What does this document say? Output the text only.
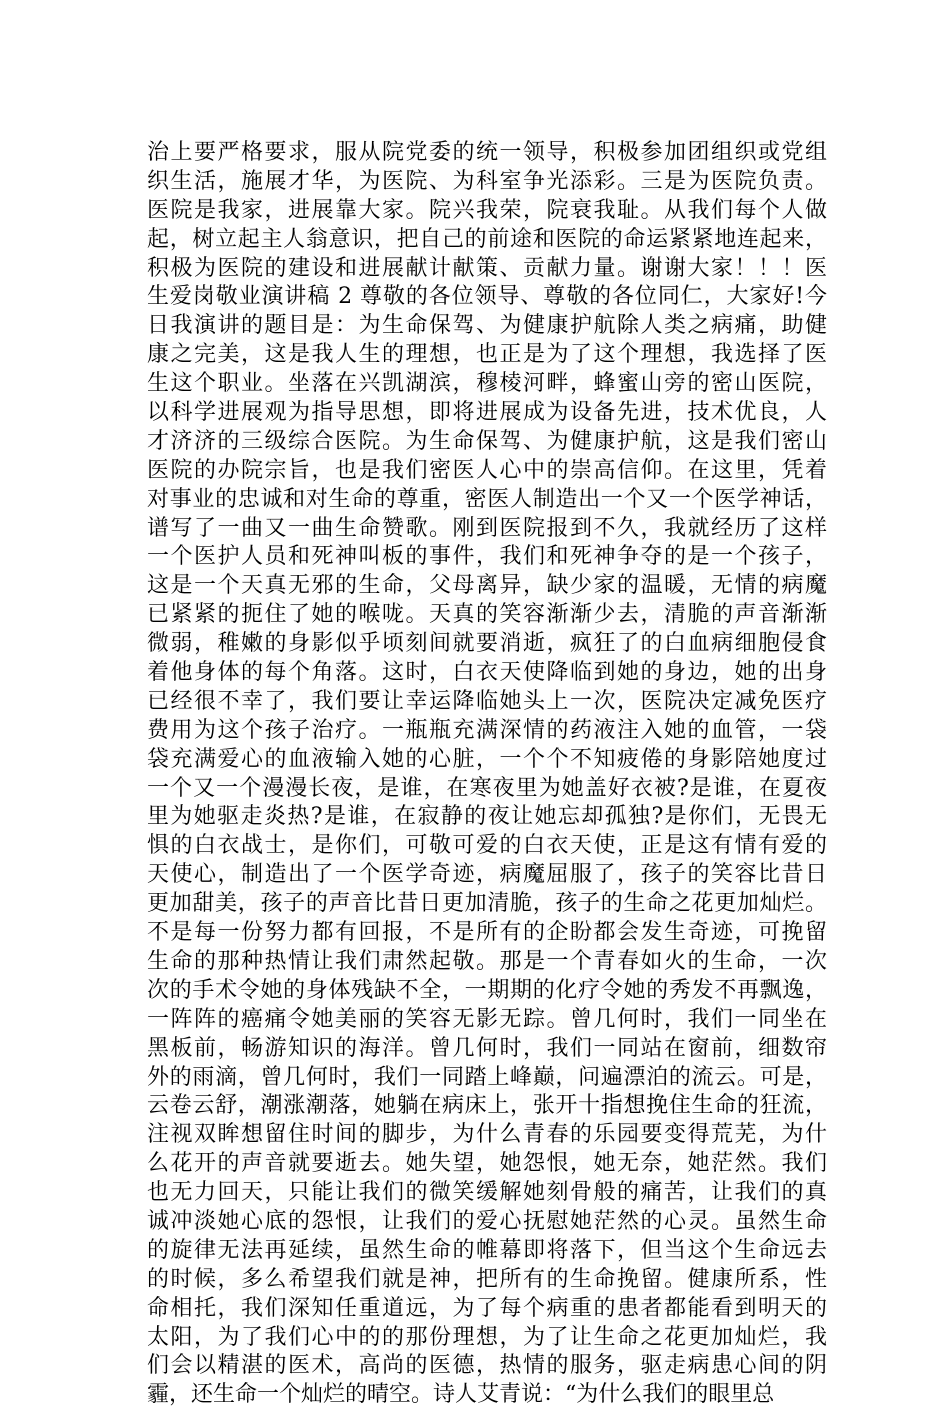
治上要严格要求，服从院党委的统一领导，积极参加团组织或党组
织生活，施展才华，为医院、为科室争光添彩。三是为医院负责。
医院是我家，进展靠大家。院兴我荣，院衰我耻。从我们每个人做
起，树立起主人翁意识，把自己的前途和医院的命运紧紧地连起来，
积极为医院的建设和进展献计献策、贡献力量。谢谢大家！！！医
生爱岗敬业演讲稿 2 尊敬的各位领导、尊敬的各位同仁，大家好!今
日我演讲的题目是：为生命保驾、为健康护航除人类之病痛，助健
康之完美，这是我人生的理想，也正是为了这个理想，我选择了医
生这个职业。坐落在兴凯湖滨，穆棱河畔，蜂蜜山旁的密山医院，
以科学进展观为指导思想，即将进展成为设备先进，技术优良，人
才济济的三级综合医院。为生命保驾、为健康护航，这是我们密山
医院的办院宗旨，也是我们密医人心中的崇高信仰。在这里，凭着
对事业的忠诚和对生命的尊重，密医人制造出一个又一个医学神话，
谱写了一曲又一曲生命赞歌。刚到医院报到不久，我就经历了这样
一个医护人员和死神叫板的事件，我们和死神争夺的是一个孩子，
这是一个天真无邪的生命，父母离异，缺少家的温暖，无情的病魔
已紧紧的扼住了她的喉咙。天真的笑容渐渐少去，清脆的声音渐渐
微弱，稚嫩的身影似乎顷刻间就要消逝，疯狂了的白血病细胞侵食
着他身体的每个角落。这时，白衣天使降临到她的身边，她的出身
已经很不幸了，我们要让幸运降临她头上一次，医院决定减免医疗
费用为这个孩子治疗。一瓶瓶充满深情的药液注入她的血管，一袋
袋充满爱心的血液输入她的心脏，一个个不知疲倦的身影陪她度过
一个又一个漫漫长夜，是谁，在寒夜里为她盖好衣被?是谁，在夏夜
里为她驱走炎热?是谁，在寂静的夜让她忘却孤独?是你们，无畏无
惧的白衣战士，是你们，可敬可爱的白衣天使，正是这有情有爱的
天使心，制造出了一个医学奇迹，病魔屈服了，孩子的笑容比昔日
更加甜美，孩子的声音比昔日更加清脆，孩子的生命之花更加灿烂。
不是每一份努力都有回报，不是所有的企盼都会发生奇迹，可挽留
生命的那种热情让我们肃然起敬。那是一个青春如火的生命，一次
次的手术令她的身体残缺不全，一期期的化疗令她的秀发不再飘逸，
一阵阵的癌痛令她美丽的笑容无影无踪。曾几何时，我们一同坐在
黑板前，畅游知识的海洋。曾几何时，我们一同站在窗前，细数帘
外的雨滴，曾几何时，我们一同踏上峰巅，问遍漂泊的流云。可是，
云卷云舒，潮涨潮落，她躺在病床上，张开十指想挽住生命的狂流，
注视双眸想留住时间的脚步，为什么青春的乐园要变得荒芜，为什
么花开的声音就要逝去。她失望，她怨恨，她无奈，她茫然。我们
也无力回天，只能让我们的微笑缓解她刻骨般的痛苦，让我们的真
诚冲淡她心底的怨恨，让我们的爱心抚慰她茫然的心灵。虽然生命
的旋律无法再延续，虽然生命的帷幕即将落下，但当这个生命远去
的时候，多么希望我们就是神，把所有的生命挽留。健康所系，性
命相托，我们深知任重道远，为了每个病重的患者都能看到明天的
太阳，为了我们心中的的那份理想，为了让生命之花更加灿烂，我
们会以精湛的医术，高尚的医德，热情的服务，驱走病患心间的阴
霾，还生命一个灿烂的晴空。诗人艾青说：“为什么我们的眼里总
